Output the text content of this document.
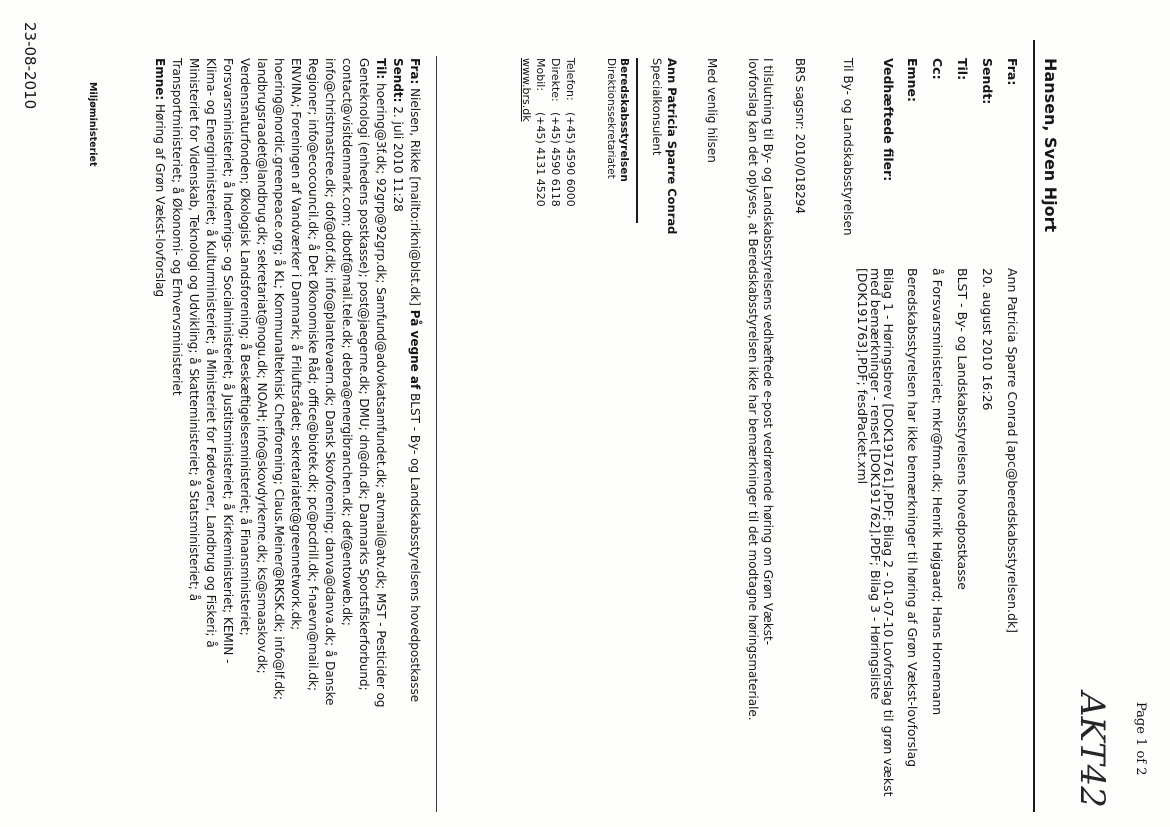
Page 1 of 2
AKT42
Hansen, Sven Hjort
Fra:
Ann Patricia Sparre Conrad [apc@beredskabsstyrelsen.dk]
Sendt:
20. august 2010 16:26
Til:
BLST - By- og Landskabsstyrelsens hovedpostkasse
Cc:
å Forsvarsministeriet; mkr@fmn.dk; Henrik Højgaard; Hans Hornemann
Emne:
Beredskabsstyrelsen har ikke bemærkninger til høring af Grøn Vækst-lovforslag
Vedhæftede filer:
Bilag 1 - Høringsbrev [DOK191761].PDF; Bilag 2 - 01-07-10 Lovforslag til grøn vækst
med bemærkninger - renset [DOK191762].PDF; Bilag 3 - Høringsliste
[DOK191763].PDF; fesdPacket.xml
Til By- og Landskabsstyrelsen
BRS sagsnr: 2010/018294
I tilslutning til By- og Landskabsstyrelsens vedhæftede e-post vedrørende høring om Grøn Vækst-
lovforslag kan det oplyses, at Beredskabsstyrelsen ikke har bemærkninger til det modtagne høringsmateriale.
Med venlig hilsen
Ann Patricia Sparre Conrad
Specialkonsulent
Beredskabsstyrelsen
Direktionssekretariatet
Telefon:
(+45) 4590 6000
Direkte:
(+45) 4590 6118
Mobil:
(+45) 4131 4520
www.brs.dk
Fra: Nielsen, Rikke [mailto:rikni@blst.dk] På vegne af BLST - By- og Landskabsstyrelsens hovedpostkasse
Sendt: 2. juli 2010 11:28
Til: hoering@3f.dk; 92grp@92grp.dk; Samfund@advokatsamfundet.dk; atvmail@atv.dk; MST - Pesticider og
Genteknologi (enhedens postkasse); post@jaegerne.dk; DMU; dn@dn.dk; Danmarks Sportsfiskerforbund;
contact@visitdenmark.com; dbotf@mail.tele.dk; debra@energibranchen.dk; def@entoweb.dk;
info@christmastree.dk; dof@dof.dk; info@plantevaern.dk; Dansk Skovforening; danva@danva.dk; å Danske
Regioner; info@ecocouncil.dk; å Det Økonomiske Råd; office@biotek.dk; pc@pcdrill.dk; f-naevn@mail.dk;
ENVINA; Foreningen af Vandværker i Danmark; å Friluftsrådet; sekretariatet@greennetwork.dk;
hoering@nordic.greenpeace.org; å KL; Kommunalteknisk Chefforening; Claus.Meiner@RKSK.dk; info@lf.dk;
landbrugsraadet@landbrug.dk; sekretariat@nogu.dk; NOAH; info@skovdyrkerne.dk; ks@smaaskov.dk;
Verdensnaturfonden; Økologisk Landsforening; å Beskæftigelsesministeriet; å Finansministeriet;
Forsvarsministeriet; å Indenrigs- og Socialministeriet; å Justitsministeriet; å Kirkeministeriet; KEMIN -
Klima- og Energiministeriet; å Kulturministeriet; å Ministeriet for Fødevarer, Landbrug og Fiskeri; å
Ministeriet for Videnskab, Teknologi og Udvikling; å Skatteministeriet; å Statsministeriet; å
Transportministeriet; å Økonomi- og Erhvervsministeriet
Emne: Høring af Grøn Vækst-lovforslag
Miljøministeriet
23-08-2010
